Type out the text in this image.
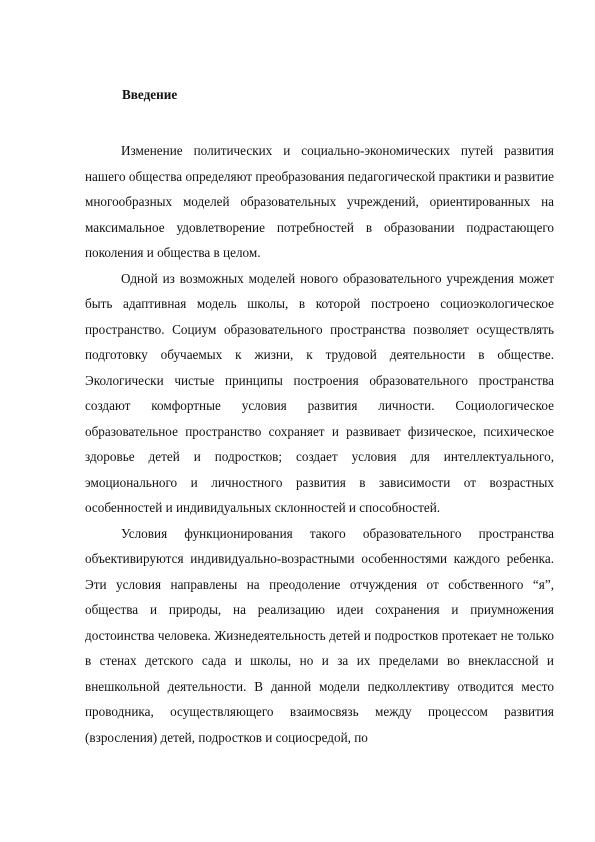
Введение

Изменение политических и социально-экономических путей развития нашего общества определяют преобразования педагогической практики и развитие многообразных моделей образовательных учреждений, ориентированных на максимальное удовлетворение потребностей в образовании подрастающего поколения и общества в целом.

Одной из возможных моделей нового образовательного учреждения может быть адаптивная модель школы, в которой построено социоэкологическое пространство. Социум образовательного пространства позволяет осуществлять подготовку обучаемых к жизни, к трудовой деятельности в обществе. Экологически чистые принципы построения образовательного пространства создают комфортные условия развития личности. Социологическое образовательное пространство сохраняет и развивает физическое, психическое здоровье детей и подростков; создает условия для интеллектуального, эмоционального и личностного развития в зависимости от возрастных особенностей и индивидуальных склонностей и способностей.

Условия функционирования такого образовательного пространства объективируются индивидуально-возрастными особенностями каждого ребенка. Эти условия направлены на преодоление отчуждения от собственного “я”, общества и природы, на реализацию идеи сохранения и приумножения достоинства человека. Жизнедеятельность детей и подростков протекает не только в стенах детского сада и школы, но и за их пределами во внеклассной и внешкольной деятельности. В данной модели педколлективу отводится место проводника, осуществляющего взаимосвязь между процессом развития (взросления) детей, подростков и социосредой, по
